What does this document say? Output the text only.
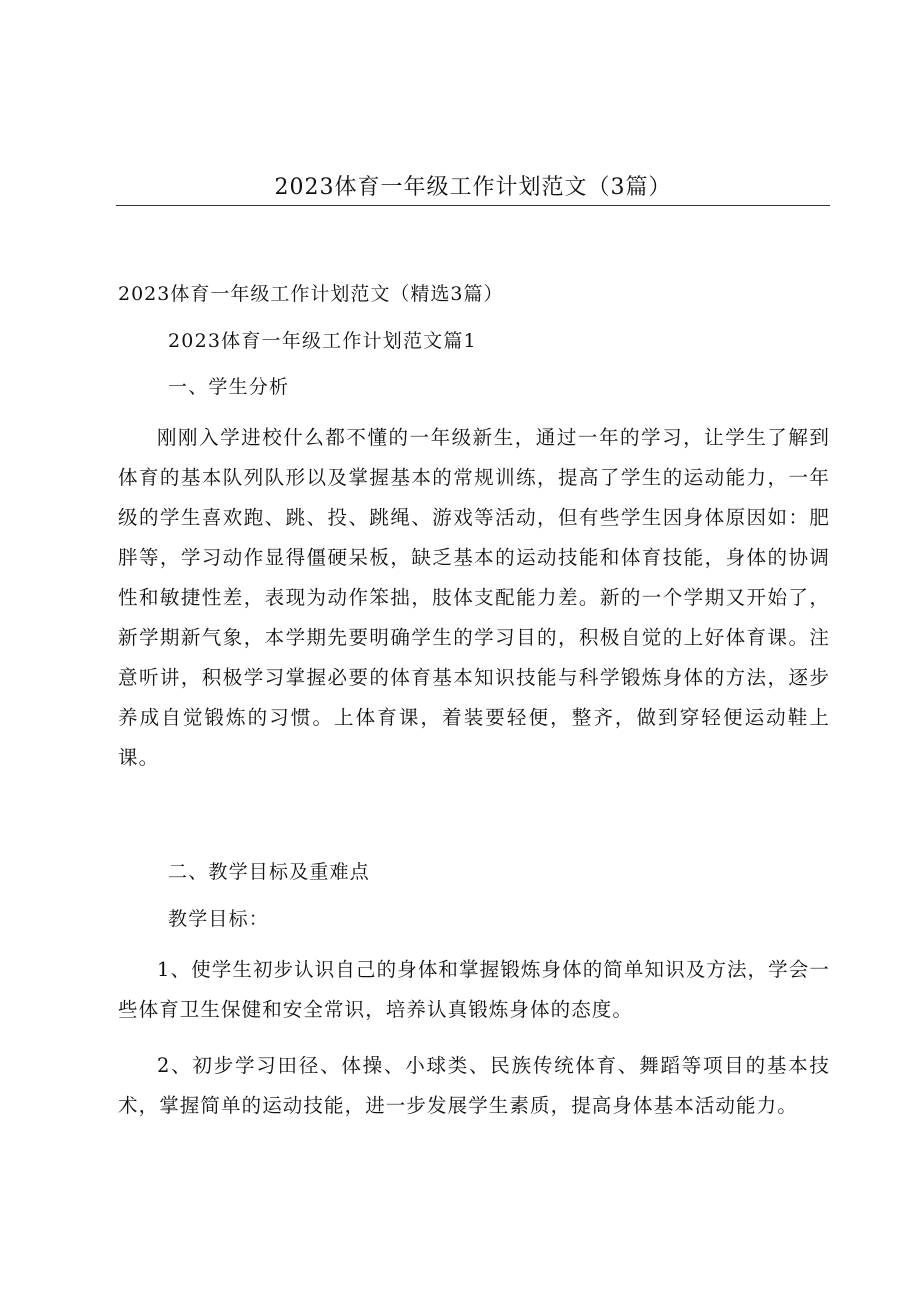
2023体育一年级工作计划范文（3篇）

2023体育一年级工作计划范文（精选3篇）

2023体育一年级工作计划范文篇1

一、学生分析

刚刚入学进校什么都不懂的一年级新生，通过一年的学习，让学生了解到体育的基本队列队形以及掌握基本的常规训练，提高了学生的运动能力，一年级的学生喜欢跑、跳、投、跳绳、游戏等活动，但有些学生因身体原因如：肥胖等，学习动作显得僵硬呆板，缺乏基本的运动技能和体育技能，身体的协调性和敏捷性差，表现为动作笨拙，肢体支配能力差。新的一个学期又开始了，新学期新气象，本学期先要明确学生的学习目的，积极自觉的上好体育课。注意听讲，积极学习掌握必要的体育基本知识技能与科学锻炼身体的方法，逐步养成自觉锻炼的习惯。上体育课，着装要轻便，整齐，做到穿轻便运动鞋上课。

二、教学目标及重难点

教学目标：

1、使学生初步认识自己的身体和掌握锻炼身体的简单知识及方法，学会一些体育卫生保健和安全常识，培养认真锻炼身体的态度。

2、初步学习田径、体操、小球类、民族传统体育、舞蹈等项目的基本技术，掌握简单的运动技能，进一步发展学生素质，提高身体基本活动能力。
